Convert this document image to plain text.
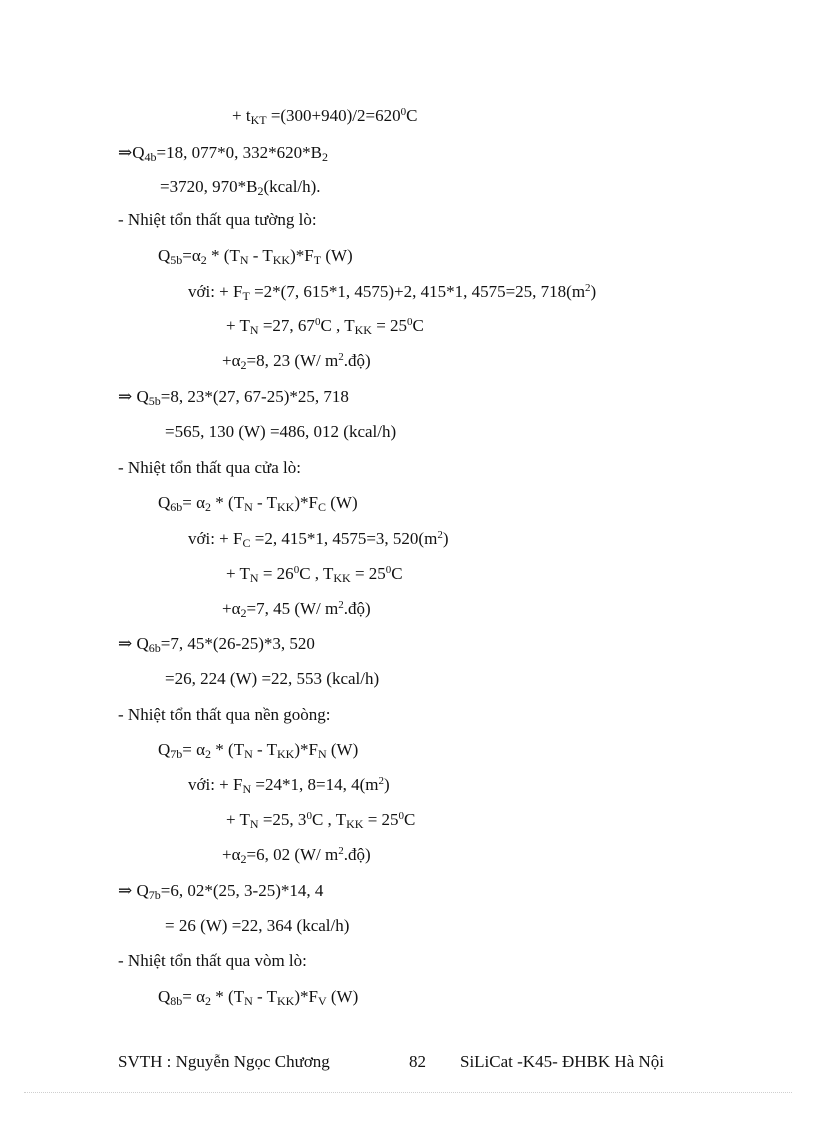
+ $t_{KT} =(300+940)/2=620^0C$
$\Rightarrow Q_{4b}=18$, 077*0, $332*620*B_2$
=3720, $970*B_2(kcal/h)$.
- Nhiệt tổn thất qua tường lò:
$Q_{5b}=\alpha_2 * (T_N - T_{KK})*F_T$ (W)
với: + $F_T =2*(7$, 615*1, 4575)+2, 415*1, 4575=25, $718(m^2)$
+ $T_N =27$, $67^0C$ , $T_{KK} = 25^0C$
$+\alpha_2=8$, 23 (W/ $m^2.độ$)
⇒ $Q_{5b}=8$, 23*(27, 67-25)*25, 718
=565, 130 (W) =486, 012 (kcal/h)
- Nhiệt tổn thất qua cửa lò:
$Q_{6b}= \alpha_2 * (T_N - T_{KK})*F_C$ (W)
với: + $F_C =2$, 415*1, 4575=3, $520(m^2)$
+ $T_N = 26^0C$ , $T_{KK} = 25^0C$
$+\alpha_2=7$, 45 (W/ $m^2.độ$)
⇒ $Q_{6b}=7$, 45*(26-25)*3, 520
=26, 224 (W) =22, 553 (kcal/h)
- Nhiệt tổn thất qua nền goòng:
$Q_{7b}= \alpha_2 * (T_N - T_{KK})*F_N$ (W)
với: + $F_N =24*1$, 8=14, $4(m^2)$
+ $T_N =25$, $3^0C$ , $T_{KK} = 25^0C$
$+\alpha_2=6$, 02 (W/ $m^2.độ$)
⇒ $Q_{7b}=6$, 02*(25, 3-25)*14, 4
= 26 (W) =22, 364 (kcal/h)
- Nhiệt tổn thất qua vòm lò:
$Q_{8b}= \alpha_2 * (T_N - T_{KK})*F_V$ (W)
SVTH : Nguyễn Ngọc Chương	82 SiLiCat -K45- ĐHBK Hà Nội
